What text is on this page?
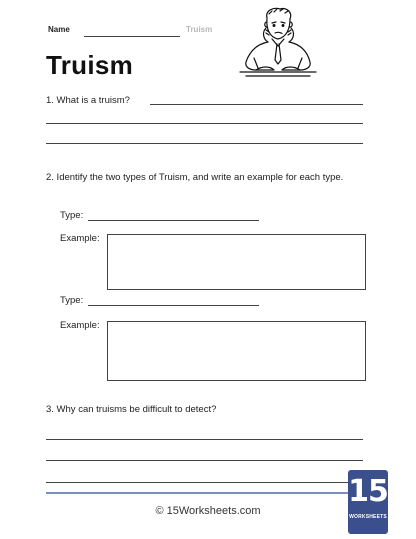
Name	Truism
Truism
1. What is a truism?
2. Identify the two types of Truism, and write an example for each type.
Type:
Example:
Type:
Example:
3. Why can truisms be difficult to detect?
© 15Worksheets.com
15
WORKSHEETS
